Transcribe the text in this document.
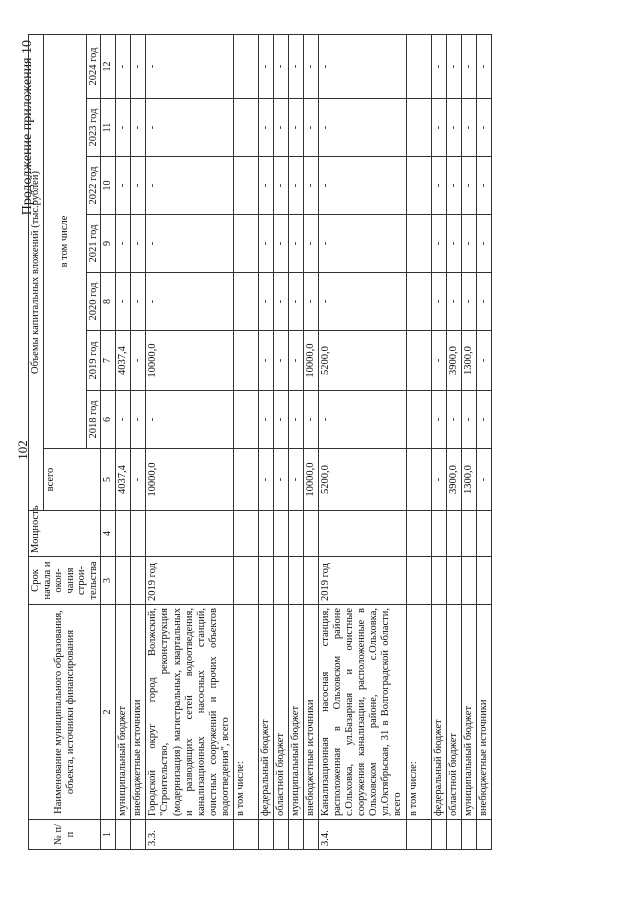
102
Продолжение приложения 10
№ п/п	Наименование муниципального образования, объекта, источники финансирования	Срок начала и окон-чания строи-тельства	Мощность	Объемы капитальных вложений (тыс.рублей)							
				всего	в том числе						
					2018 год	2019 год	2020 год	2021 год	2022 год	2023 год	2024 год
1	2	3	4	5	6	7	8	9	10	11	12
	муниципальный бюджет			4037,4	-	4037,4	-	-	-	-	-
	внебюджетные источники			-	-	-	-	-	-	-	-
3.3.	Городской округ город Волжский, "Строительство, реконструкция (модернизация) магистральных, квартальных и разводящих сетей водоотведения, канализационных насосных станций, очистных сооружений и прочих объектов водоотведения", всего	2019 год		10000,0	-	10000,0	-	-	-	-	-
	в том числе:										
	федеральный бюджет			-	-	-	-	-	-	-	-
	областной бюджет			-	-	-	-	-	-	-	-
	муниципальный бюджет			-	-	-	-	-	-	-	-
	внебюджетные источники			10000,0	-	10000,0	-	-	-	-	-
3.4.	Канализационная насосная станция, расположенная в Ольховском районе с.Ольховка, ул.Базарная и очистные сооружения канализации, расположенные в Ольховском районе, с.Ольховка, ул.Октябрьская, 31 в Волгоградской области, всего	2019 год		5200,0	-	5200,0	-	-	-	-	-
	в том числе:										
	федеральный бюджет			-	-	-	-	-	-	-	-
	областной бюджет			3900,0	-	3900,0	-	-	-	-	-
	муниципальный бюджет			1300,0	-	1300,0	-	-	-	-	-
	внебюджетные источники			-	-	-	-	-	-	-	-
